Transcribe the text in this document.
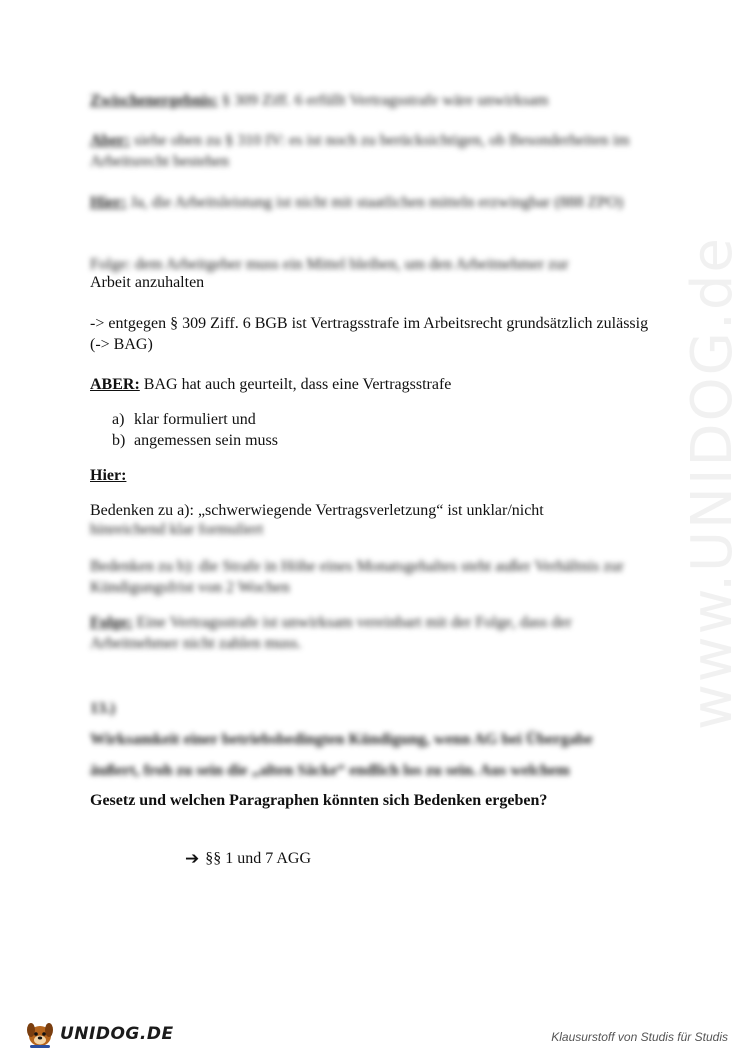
www.UNIDOG.de
Zwischenergebnis: § 309 Ziff. 6 erfüllt Vertragsstrafe wäre unwirksam
Aber: siehe oben zu § 310 IV: es ist noch zu berücksichtigen, ob Besonderheiten im Arbeitsrecht bestehen
Hier: Ja, die Arbeitsleistung ist nicht mit staatlichen mitteln erzwingbar (888 ZPO)
Folge: dem Arbeitgeber muss ein Mittel bleiben, um den Arbeitnehmer zur
Arbeit anzuhalten
-> entgegen § 309 Ziff. 6 BGB ist Vertragsstrafe im Arbeitsrecht grundsätzlich zulässig (-> BAG)
ABER: BAG hat auch geurteilt, dass eine Vertragsstrafe
a) klar formuliert und
b) angemessen sein muss
Hier:
Bedenken zu a): „schwerwiegende Vertragsverletzung“ ist unklar/nicht
hinreichend klar formuliert
Bedenken zu b): die Strafe in Höhe eines Monatsgehaltes steht außer Verhältnis zur Kündigungsfrist von 2 Wochen
Folge: Eine Vertragsstrafe ist unwirksam vereinbart mit der Folge, dass der Arbeitnehmer nicht zahlen muss.
13.)
Wirksamkeit einer betriebsbedingten Kündigung, wenn AG bei Übergabe
äußert, froh zu sein die „alten Säcke“ endlich los zu sein. Aus welchem
Gesetz und welchen Paragraphen könnten sich Bedenken ergeben?
➔ §§ 1 und 7 AGG
UNIDOG.DE	Klausurstoff von Studis für Studis
